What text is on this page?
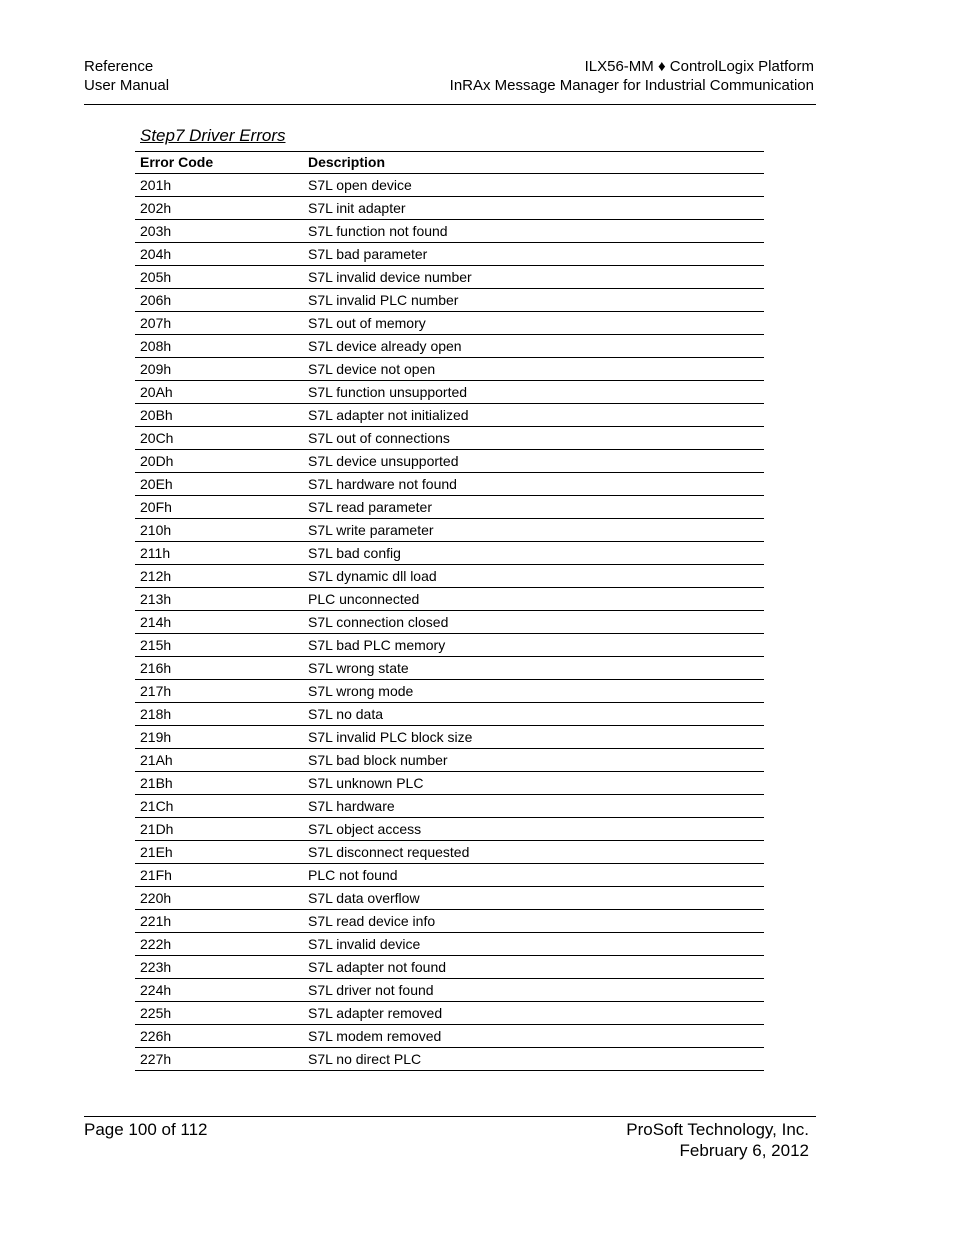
Reference
User Manual
ILX56-MM ♦ ControlLogix Platform
InRAx Message Manager for Industrial Communication
Step7 Driver Errors
Error Code	Description
201h	S7L open device
202h	S7L init adapter
203h	S7L function not found
204h	S7L bad parameter
205h	S7L invalid device number
206h	S7L invalid PLC number
207h	S7L out of memory
208h	S7L device already open
209h	S7L device not open
20Ah	S7L function unsupported
20Bh	S7L adapter not initialized
20Ch	S7L out of connections
20Dh	S7L device unsupported
20Eh	S7L hardware not found
20Fh	S7L read parameter
210h	S7L write parameter
211h	S7L bad config
212h	S7L dynamic dll load
213h	PLC unconnected
214h	S7L connection closed
215h	S7L bad PLC memory
216h	S7L wrong state
217h	S7L wrong mode
218h	S7L no data
219h	S7L invalid PLC block size
21Ah	S7L bad block number
21Bh	S7L unknown PLC
21Ch	S7L hardware
21Dh	S7L object access
21Eh	S7L disconnect requested
21Fh	PLC not found
220h	S7L data overflow
221h	S7L read device info
222h	S7L invalid device
223h	S7L adapter not found
224h	S7L driver not found
225h	S7L adapter removed
226h	S7L modem removed
227h	S7L no direct PLC
Page 100 of 112	ProSoft Technology, Inc.
February 6, 2012
